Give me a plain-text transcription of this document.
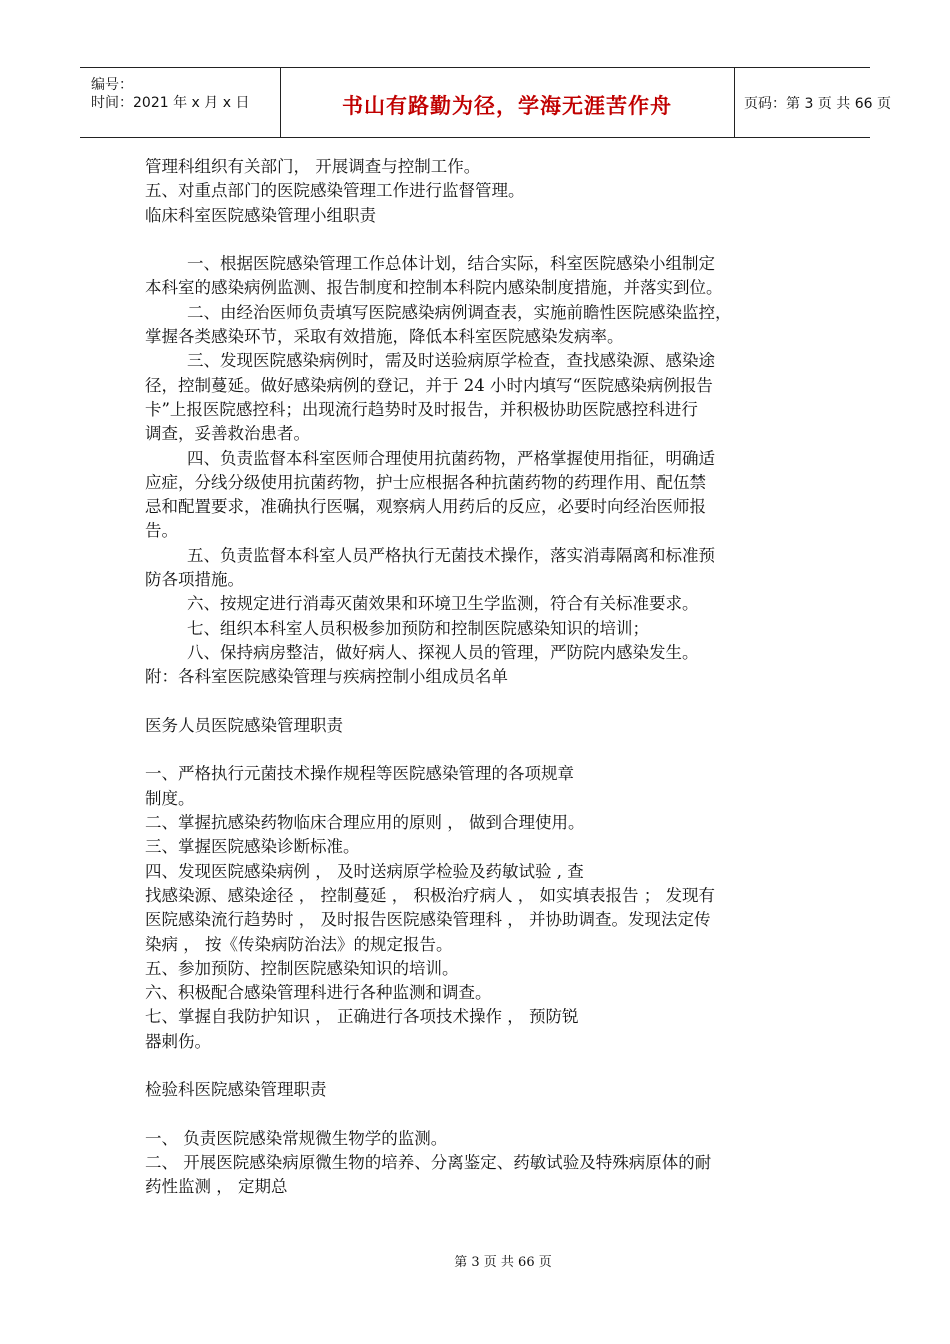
编号：
时间：2021 年 x 月 x 日	书山有路勤为径，学海无涯苦作舟	页码：第 3 页 共 66 页
管理科组织有关部门， 开展调查与控制工作。
五、对重点部门的医院感染管理工作进行监督管理。
临床科室医院感染管理小组职责
一、根据医院感染管理工作总体计划，结合实际，科室医院感染小组制定
本科室的感染病例监测、报告制度和控制本科院内感染制度措施，并落实到位。
二、由经治医师负责填写医院感染病例调查表，实施前瞻性医院感染监控，
掌握各类感染环节，采取有效措施，降低本科室医院感染发病率。
三、发现医院感染病例时，需及时送验病原学检查，查找感染源、感染途
径，控制蔓延。做好感染病例的登记，并于 24 小时内填写“医院感染病例报告
卡”上报医院感控科；出现流行趋势时及时报告，并积极协助医院感控科进行
调查，妥善救治患者。
四、负责监督本科室医师合理使用抗菌药物，严格掌握使用指征，明确适
应症，分线分级使用抗菌药物，护士应根据各种抗菌药物的药理作用、配伍禁
忌和配置要求，准确执行医嘱，观察病人用药后的反应，必要时向经治医师报
告。
五、负责监督本科室人员严格执行无菌技术操作，落实消毒隔离和标准预
防各项措施。
六、按规定进行消毒灭菌效果和环境卫生学监测，符合有关标准要求。
七、组织本科室人员积极参加预防和控制医院感染知识的培训；
八、保持病房整洁，做好病人、探视人员的管理，严防院内感染发生。
附：各科室医院感染管理与疾病控制小组成员名单
医务人员医院感染管理职责
一、严格执行元菌技术操作规程等医院感染管理的各项规章
制度。
二、掌握抗感染药物临床合理应用的原则 ， 做到合理使用。
三、掌握医院感染诊断标准。
四、发现医院感染病例 ， 及时送病原学检验及药敏试验 , 查
找感染源、感染途径 ， 控制蔓延 ， 积极治疗病人 ， 如实填表报告 ； 发现有
医院感染流行趋势时 ， 及时报告医院感染管理科 ， 并协助调查。发现法定传
染病 ， 按《传染病防治法》的规定报告。
五、参加预防、控制医院感染知识的培训。
六、积极配合感染管理科进行各种监测和调查。
七、掌握自我防护知识 ， 正确进行各项技术操作 ， 预防锐
器刺伤。
检验科医院感染管理职责
一、 负责医院感染常规微生物学的监测。
二、 开展医院感染病原微生物的培养、分离鉴定、药敏试验及特殊病原体的耐
药性监测 ， 定期总
第 3 页 共 66 页
